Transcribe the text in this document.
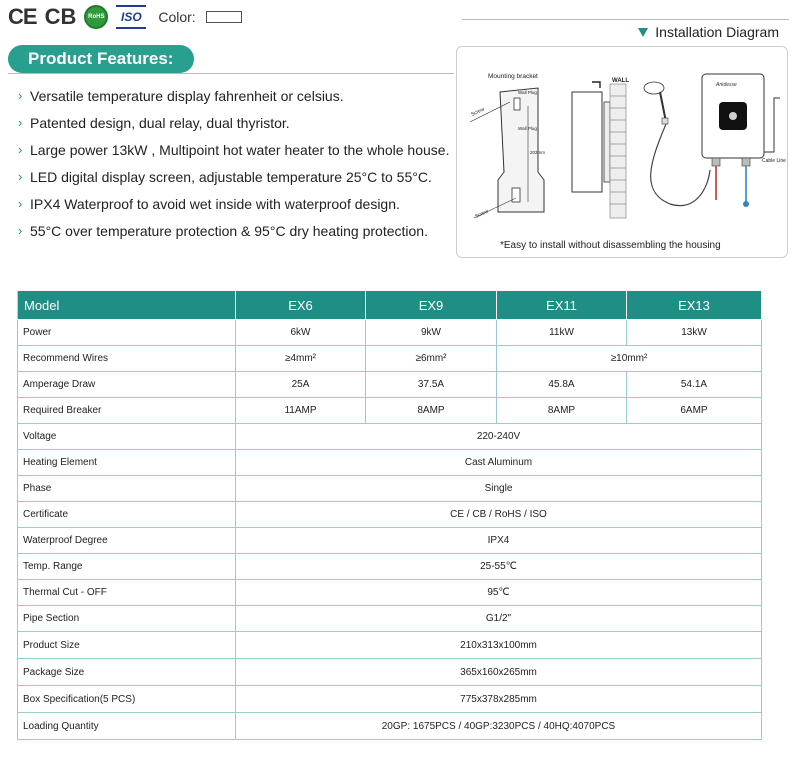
CE CB	RoHS	ISO	Color:
Installation Diagram
Product Features:
› Versatile temperature display fahrenheit or celsius.
› Patented design, dual relay, dual thyristor.
› Large power 13kW , Multipoint hot water heater to the whole house.
› LED digital display screen, adjustable temperature 25°C to 55°C.
› IPX4 Waterproof to avoid wet inside with waterproof design.
› 55°C over temperature protection & 95°C dry heating protection.
Mounting bracket
203mm
Screw
Wall Plug
Wall Plug
Screw
WALL
Arkdesse
Cable Line
*Easy to install without disassembling the housing
Model	EX6	EX9	EX11	EX13
Power	6kW	9kW	11kW	13kW
Recommend Wires	≥4mm²	≥6mm²	≥10mm²	
Amperage Draw	25A	37.5A	45.8A	54.1A
Required Breaker	11AMP	8AMP	8AMP	6AMP
Voltage	220-240V			
Heating Element	Cast Aluminum			
Phase	Single			
Certificate	CE / CB / RoHS / ISO			
Waterproof Degree	IPX4			
Temp. Range	25-55℃			
Thermal Cut - OFF	95℃			
Pipe Section	G1/2"			
Product Size	210x313x100mm			
Package Size	365x160x265mm			
Box Specification(5 PCS)	775x378x285mm			
Loading Quantity	20GP: 1675PCS / 40GP:3230PCS / 40HQ:4070PCS			
